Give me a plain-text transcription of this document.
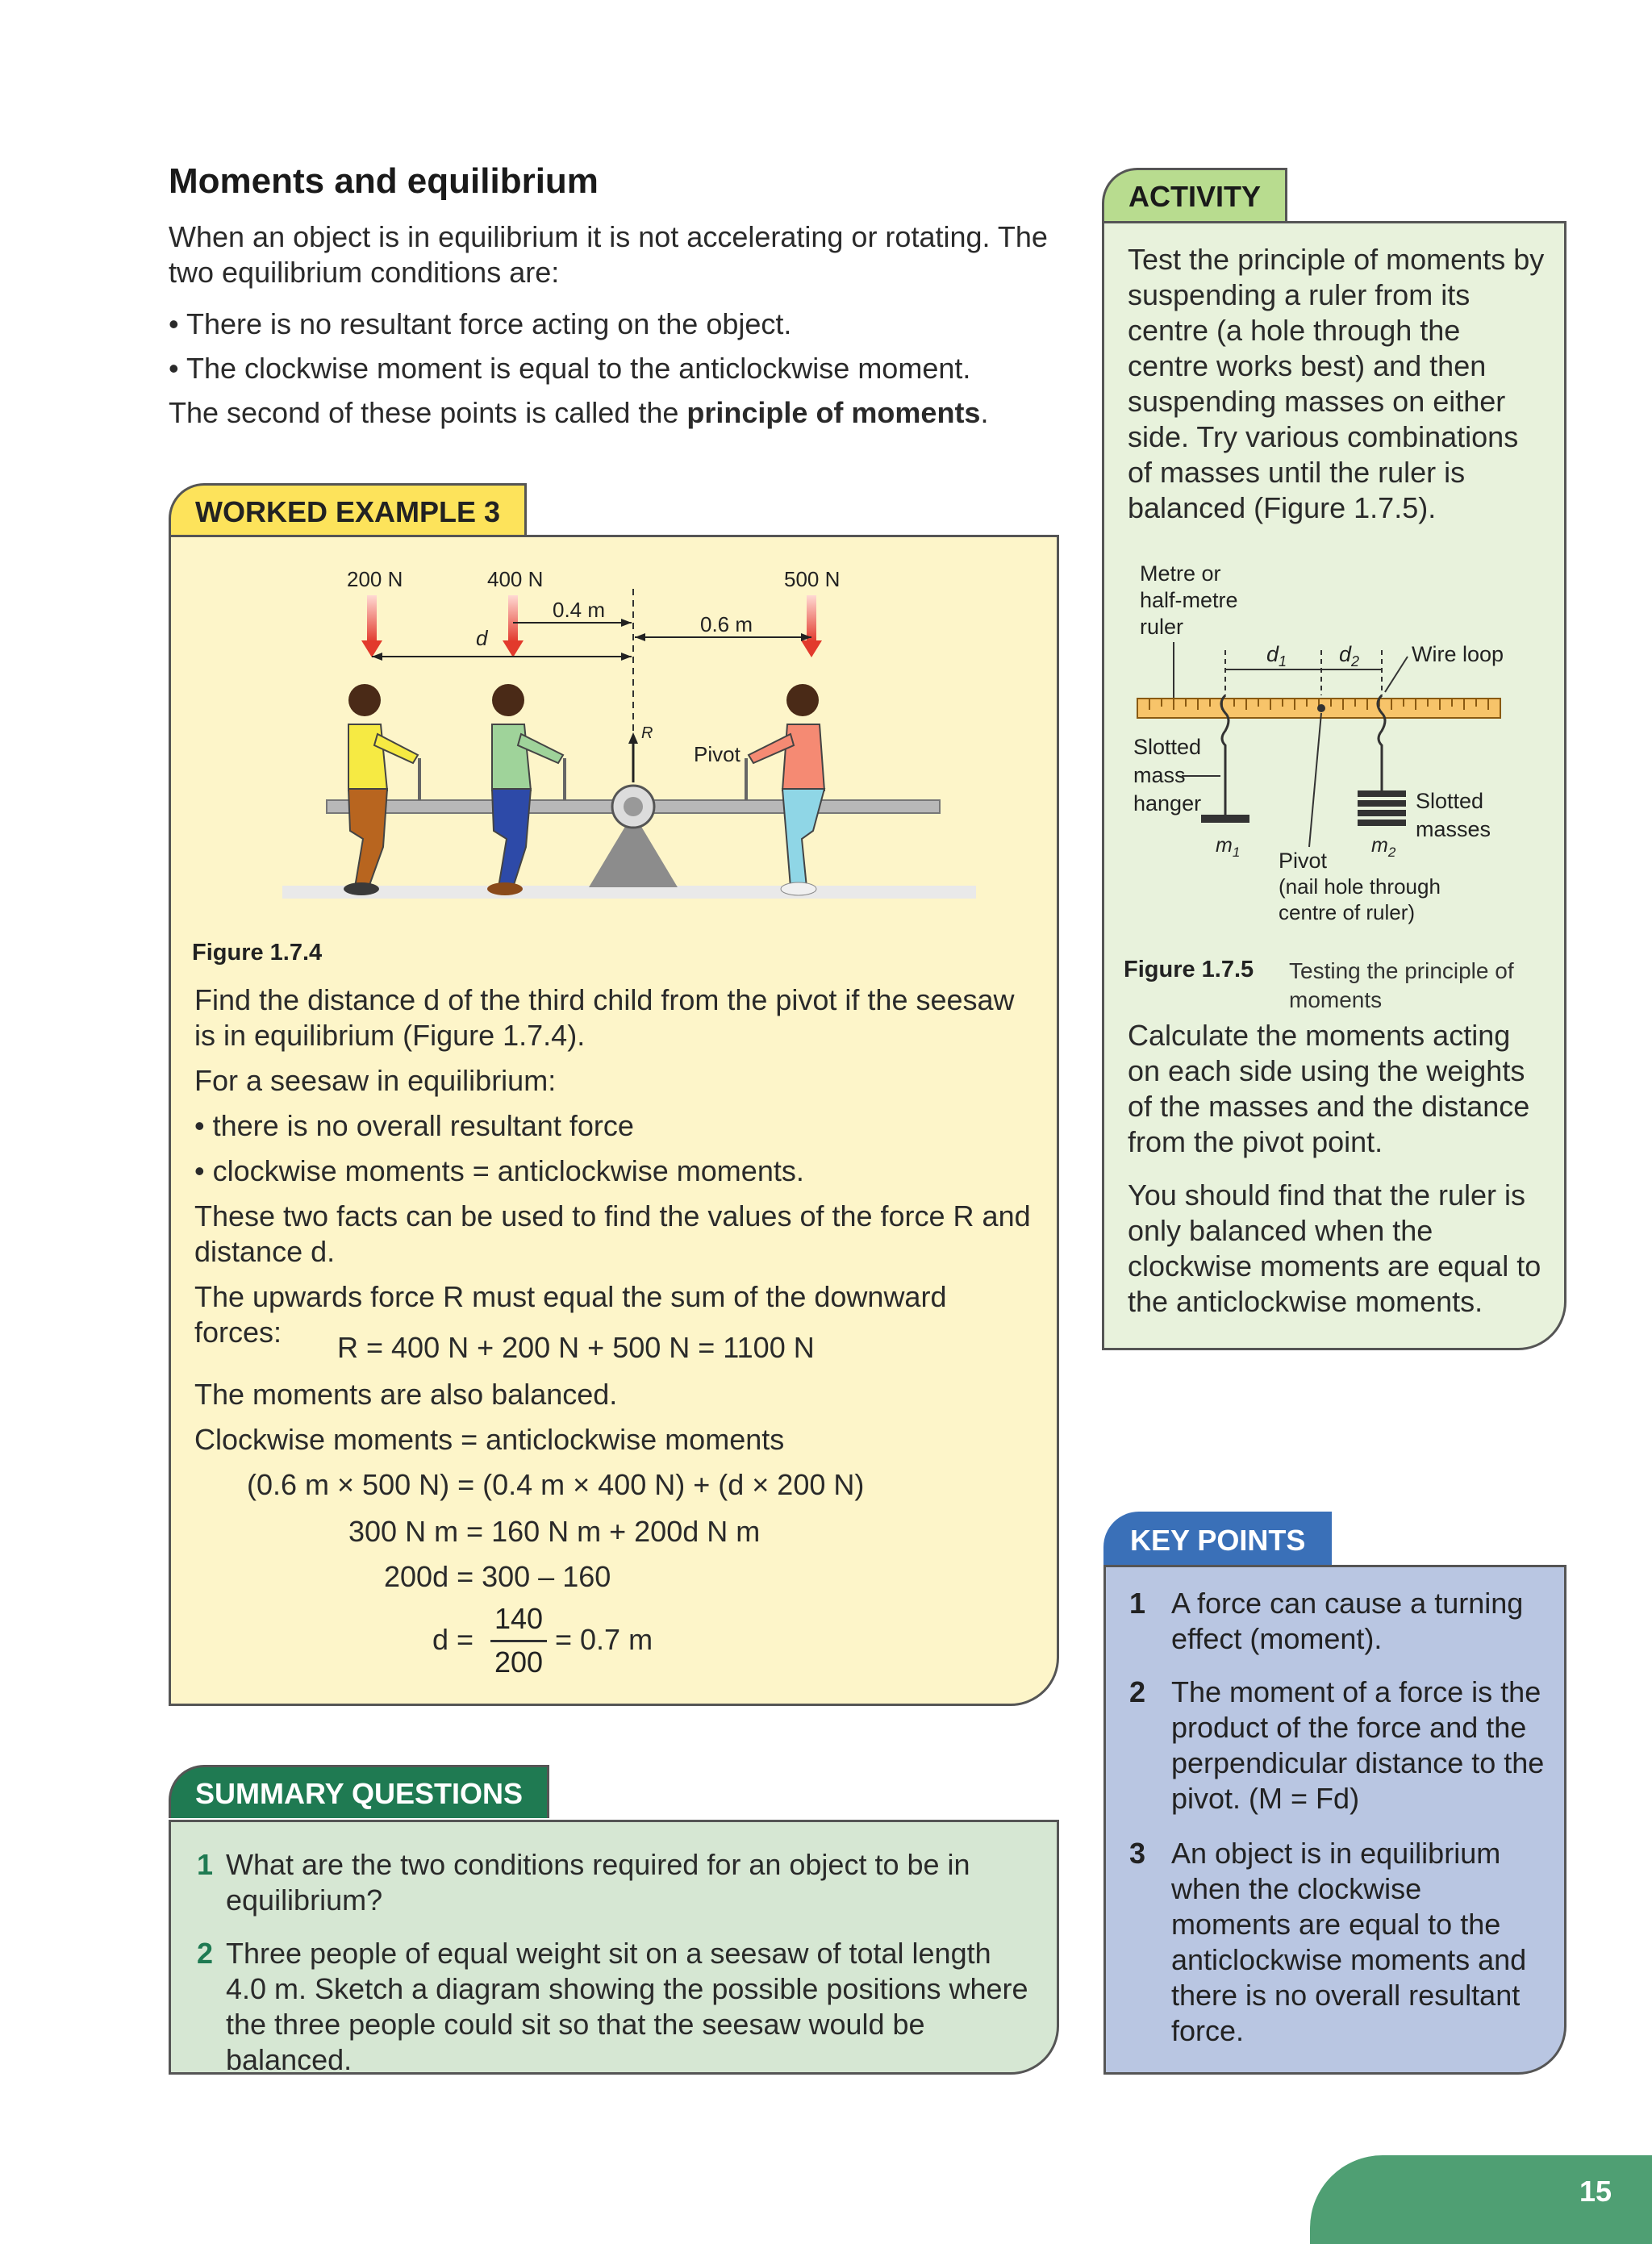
Moments and equilibrium
When an object is in equilibrium it is not accelerating or rotating. The two equilibrium conditions are:
• There is no resultant force acting on the object.
• The clockwise moment is equal to the anticlockwise moment.
The second of these points is called the principle of moments.
WORKED EXAMPLE 3
R
Pivot
200 N	400 N	500 N
d
0.4 m
0.6 m
Figure 1.7.4
Find the distance d of the third child from the pivot if the seesaw is in equilibrium (Figure 1.7.4).
For a seesaw in equilibrium:
• there is no overall resultant force
• clockwise moments = anticlockwise moments.
These two facts can be used to find the values of the force R and distance d.
The upwards force R must equal the sum of the downward forces:	R = 400 N + 200 N + 500 N = 1100 N
The moments are also balanced.
Clockwise moments = anticlockwise moments
(0.6 m × 500 N) = (0.4 m × 400 N) + (d × 200 N)
300 N m = 160 N m + 200d N m
200d = 300 – 160
d =
140
200
= 0.7 m
SUMMARY QUESTIONS
1 What are the two conditions required for an object to be in equilibrium?
2 Three people of equal weight sit on a seesaw of total length 4.0 m. Sketch a diagram showing the possible positions where the three people could sit so that the seesaw would be balanced.
ACTIVITY
Test the principle of moments by suspending a ruler from its centre (a hole through the centre works best) and then suspending masses on either side. Try various combinations of masses until the ruler is balanced (Figure 1.7.5).
Metre or
half-metre
ruler
$d_1$ $d_2$ Wire loop
Slotted
mass
hanger	Slotted
masses
$m_1$	$m_2$
Pivot
(nail hole through
centre of ruler)
Figure 1.7.5 Testing the principle of moments
Calculate the moments acting on each side using the weights of the masses and the distance from the pivot point.
You should find that the ruler is only balanced when the clockwise moments are equal to the anticlockwise moments.
KEY POINTS
1 A force can cause a turning effect (moment).
2 The moment of a force is the product of the force and the perpendicular distance to the pivot. (M = Fd)
3 An object is in equilibrium when the clockwise moments are equal to the anticlockwise moments and there is no overall resultant force.
15
